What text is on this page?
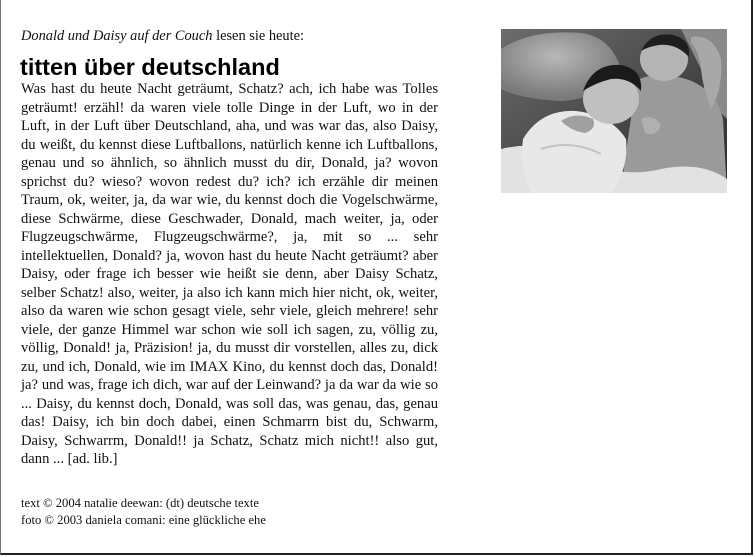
Donald und Daisy auf der Couch lesen sie heute:
titten über deutschland
Was hast du heute Nacht geträumt, Schatz? ach, ich habe was Tolles geträumt! erzähl! da waren viele tolle Dinge in der Luft, wo in der Luft, in der Luft über Deutschland, aha, und was war das, also Daisy, du weißt, du kennst diese Luftballons, natürlich kenne ich Luftballons, genau und so ähnlich, so ähnlich musst du dir, Donald, ja? wovon sprichst du? wieso? wovon redest du? ich? ich erzähle dir meinen Traum, ok, weiter, ja, da war wie, du kennst doch die Vogelschwärme, diese Schwärme, diese Geschwader, Donald, mach weiter, ja, oder Flugzeugschwärme, Flugzeugschwärme?, ja, mit so ... sehr intellektuellen, Donald? ja, wovon hast du heute Nacht geträumt? aber Daisy, oder frage ich besser wie heißt sie denn, aber Daisy Schatz, selber Schatz! also, weiter, ja also ich kann mich hier nicht, ok, weiter, also da waren wie schon gesagt viele, sehr viele, gleich mehrere! sehr viele, der ganze Himmel war schon wie soll ich sagen, zu, völlig zu, völlig, Donald! ja, Präzision! ja, du musst dir vorstellen, alles zu, dick zu, und ich, Donald, wie im IMAX Kino, du kennst doch das, Donald! ja? und was, frage ich dich, war auf der Leinwand? ja da war da wie so ... Daisy, du kennst doch, Donald, was soll das, was genau, das, genau das! Daisy, ich bin doch dabei, einen Schmarrn bist du, Schwarm, Daisy, Schwarrm, Donald!! ja Schatz, Schatz mich nicht!! also gut, dann ... [ad. lib.]
text © 2004 natalie deewan: (dt) deutsche texte
foto © 2003 daniela comani: eine glückliche ehe
